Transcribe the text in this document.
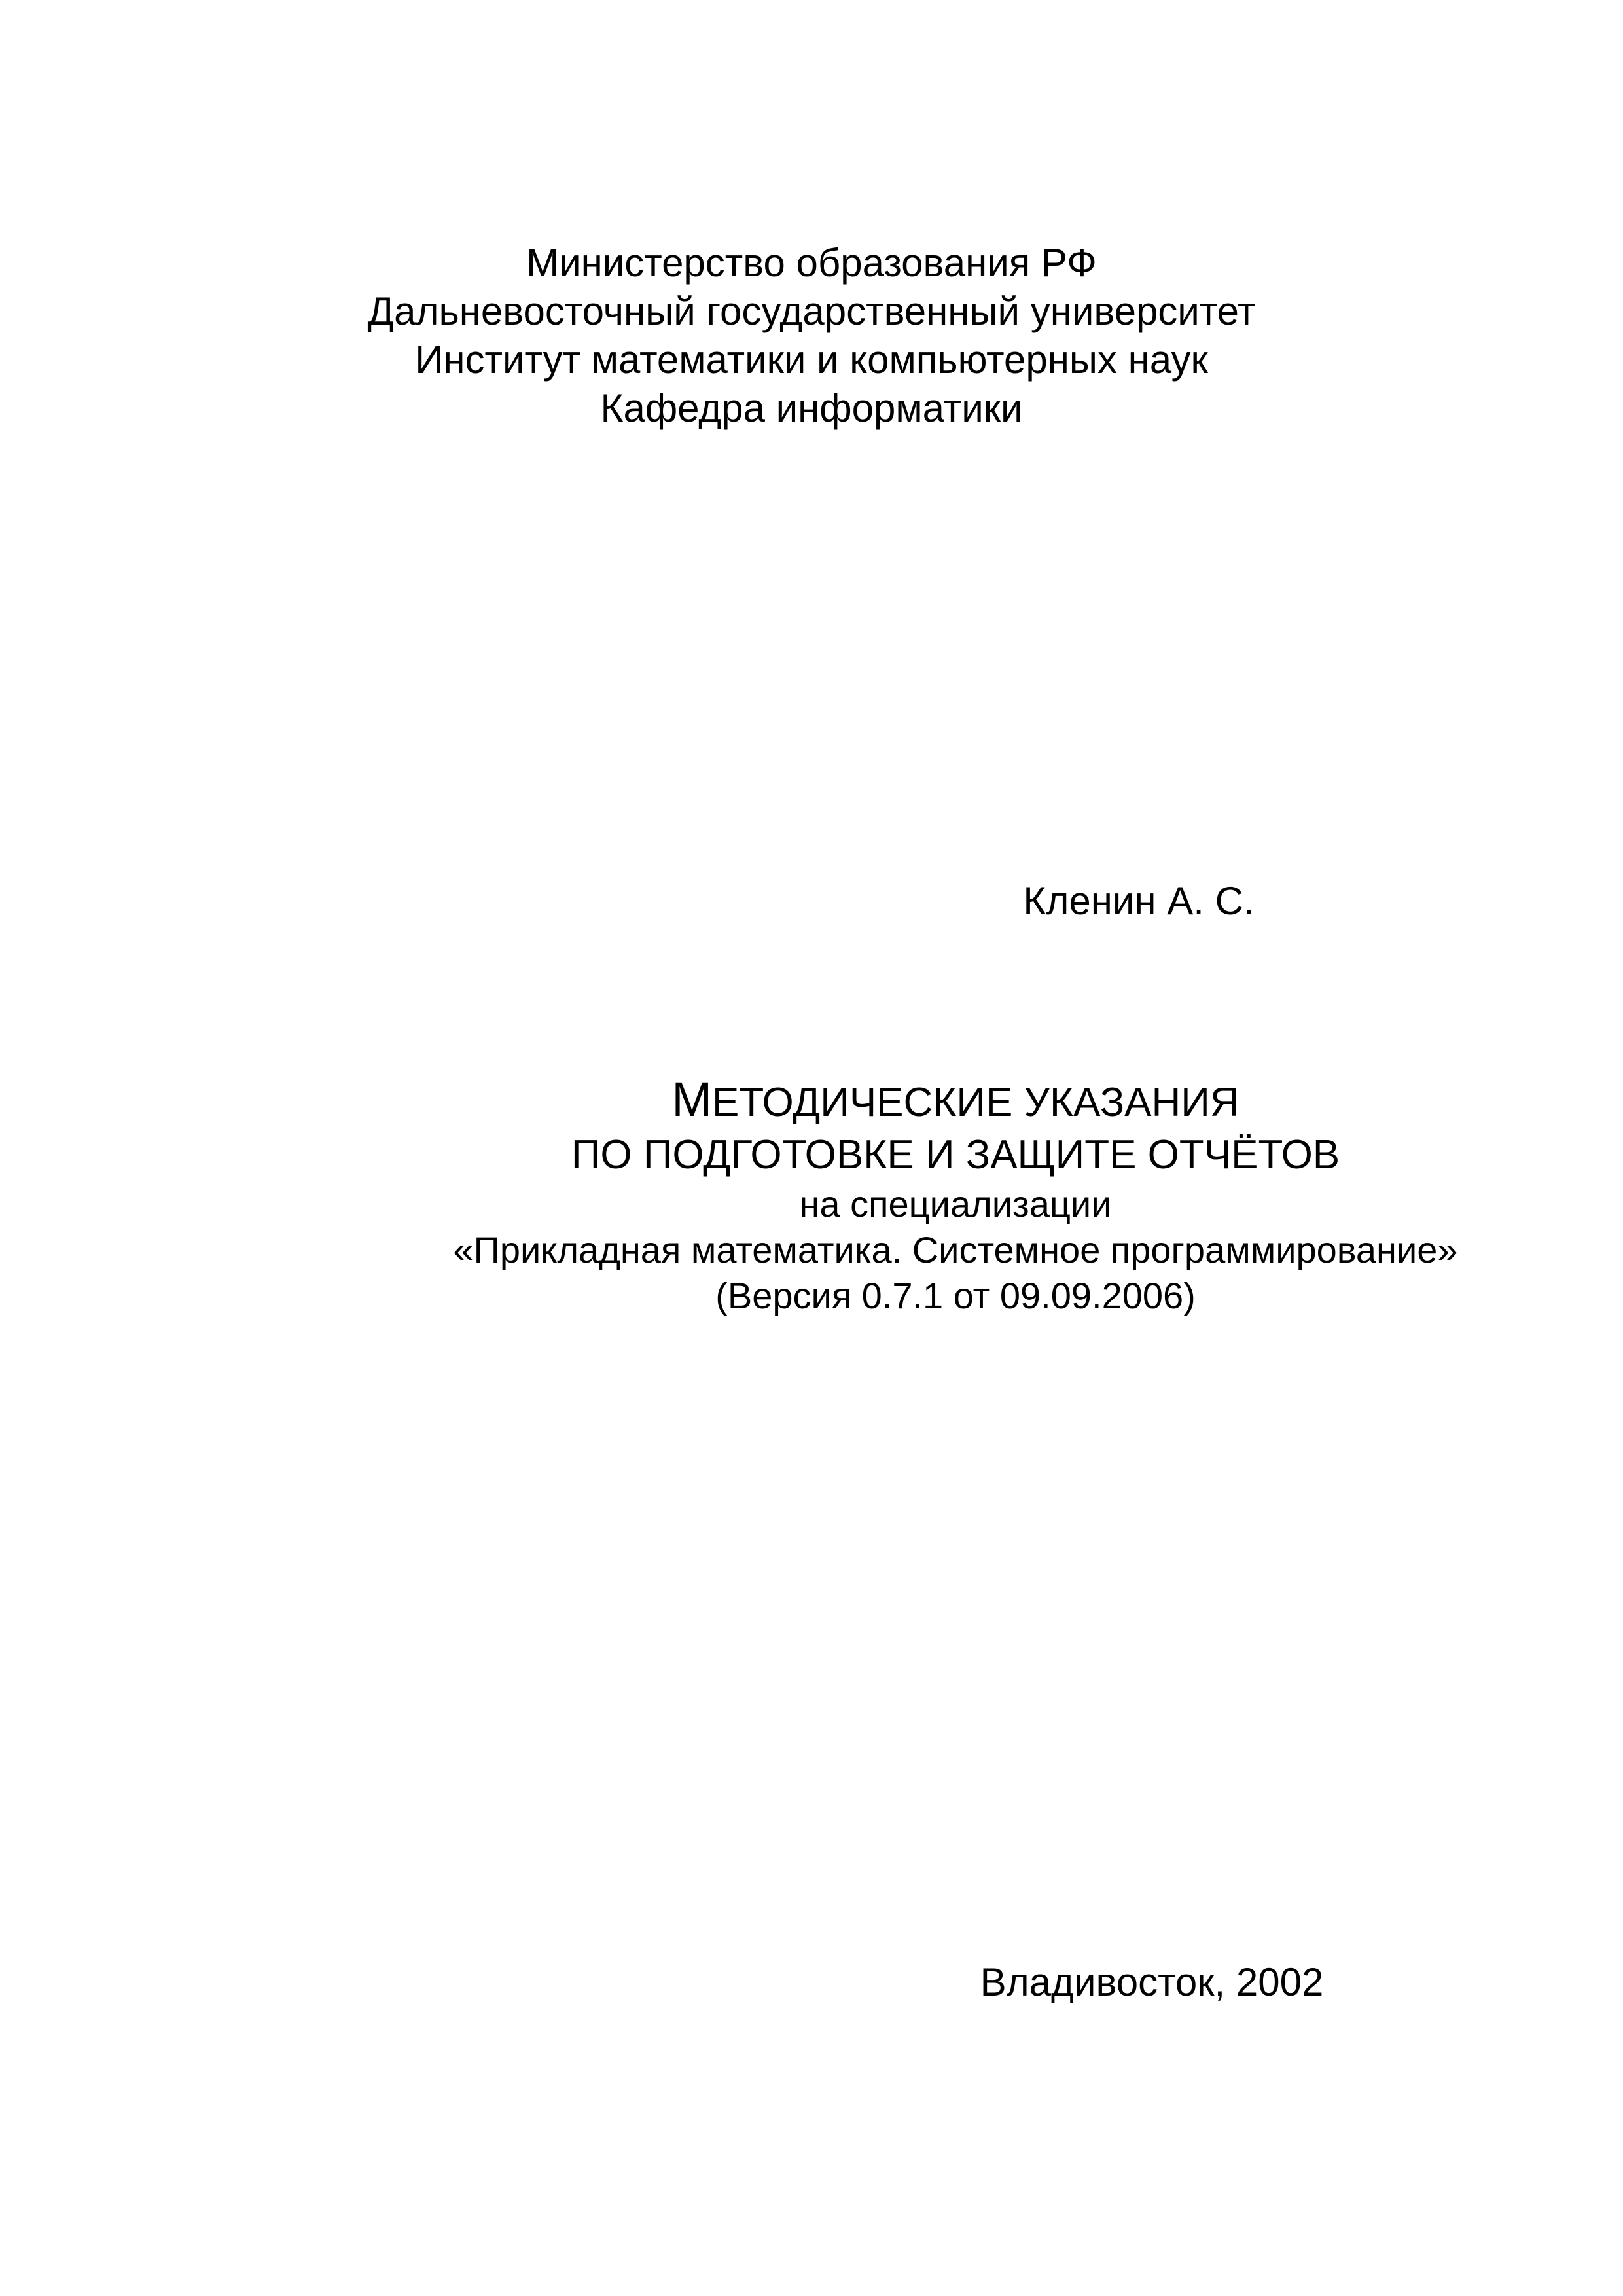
Министерство образования РФ
Дальневосточный государственный университет
Институт математики и компьютерных наук
Кафедра информатики
Кленин А. С.
МЕТОДИЧЕСКИЕ УКАЗАНИЯ
ПО ПОДГОТОВКЕ И ЗАЩИТЕ ОТЧЁТОВ
на специализации
«Прикладная математика. Системное программирование»
(Версия 0.7.1 от 09.09.2006)
Владивосток, 2002
